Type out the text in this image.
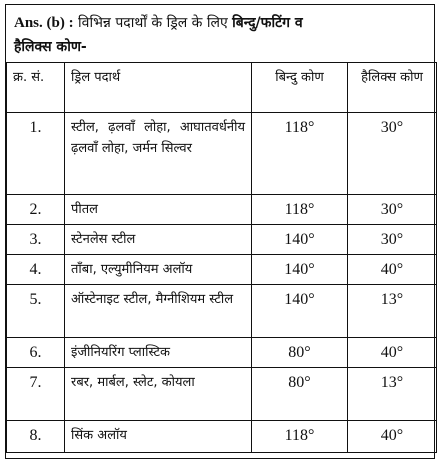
Ans. (b) : विभिन्न पदार्थों के ड्रिल के लिए बिन्दु/फटिंग व
हैलिक्स कोण-
क्र. सं.	ड्रिल पदार्थ	बिन्दु कोण	हैलिक्स कोण
1.	स्टील, ढ़लवाँ लोहा, आघातवर्धनीय ढ़लवाँ लोहा, जर्मन सिल्वर	118°	30°
2.	पीतल	118°	30°
3.	स्टेनलेस स्टील	140°	30°
4.	ताँबा, एल्युमीनियम अलॉय	140°	40°
5.	ऑस्टेनाइट स्टील, मैग्नीशियम स्टील	140°	13°
6.	इंजीनियरिंग प्लास्टिक	80°	40°
7.	रबर, मार्बल, स्लेट, कोयला	80°	13°
8.	सिंक अलॉय	118°	40°
